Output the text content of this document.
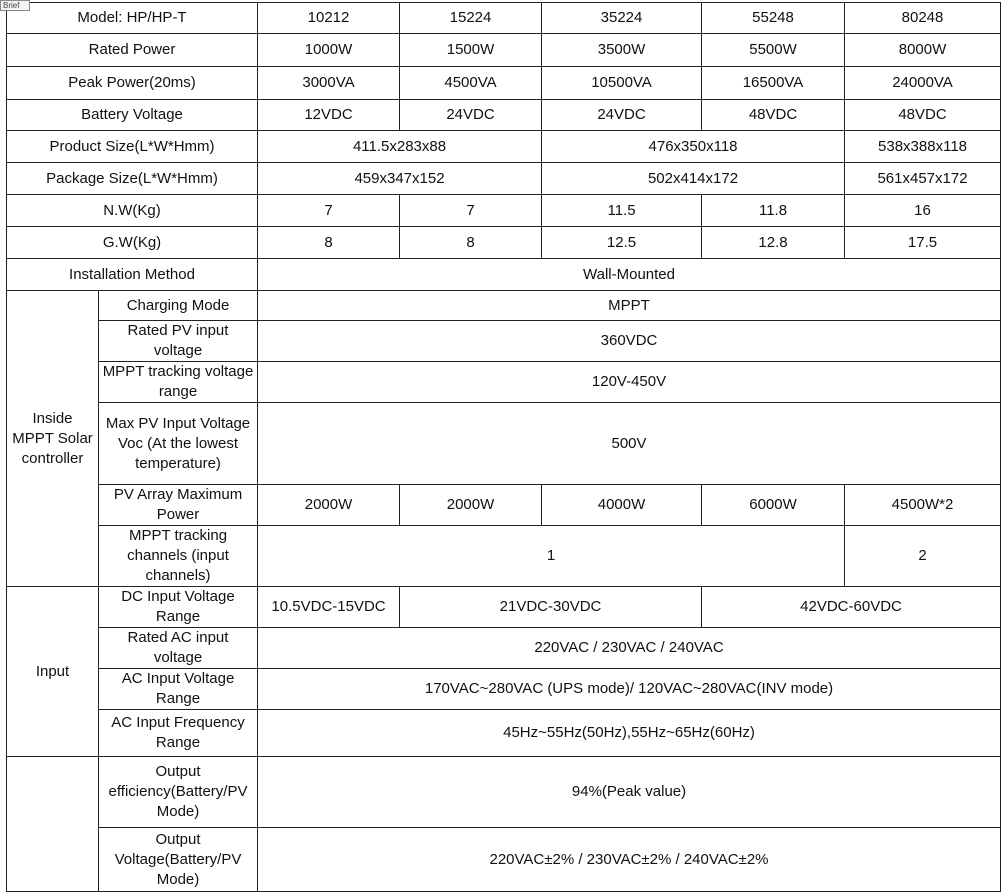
Brief
Model: HP/HP-T		10212	15224	35224	55248	80248
Rated Power		1000W	1500W	3500W	5500W	8000W
Peak Power(20ms)		3000VA	4500VA	10500VA	16500VA	24000VA
Battery Voltage		12VDC	24VDC	24VDC	48VDC	48VDC
Product Size(L*W*Hmm)		411.5x283x88		476x350x118		538x388x118
Package Size(L*W*Hmm)		459x347x152		502x414x172		561x457x172
N.W(Kg)		7	7	11.5	11.8	16
G.W(Kg)		8	8	12.5	12.8	17.5
Installation Method		Wall-Mounted				
Inside MPPT Solar controller	Charging Mode	MPPT				
	Rated PV input voltage	360VDC				
	MPPT tracking voltage range	120V-450V				
	Max PV Input Voltage Voc (At the lowest temperature)	500V				
	PV Array Maximum Power	2000W	2000W	4000W	6000W	4500W*2
	MPPT tracking channels (input channels)	1				2
Input	DC Input Voltage Range	10.5VDC-15VDC	21VDC-30VDC		42VDC-60VDC	
	Rated AC input voltage	220VAC / 230VAC / 240VAC				
	AC Input Voltage Range	170VAC~280VAC (UPS mode)/ 120VAC~280VAC(INV mode)				
	AC Input Frequency Range	45Hz~55Hz(50Hz),55Hz~65Hz(60Hz)				
	Output efficiency(Battery/PV Mode)	94%(Peak value)				
	Output Voltage(Battery/PV Mode)	220VAC±2% / 230VAC±2% / 240VAC±2%				
